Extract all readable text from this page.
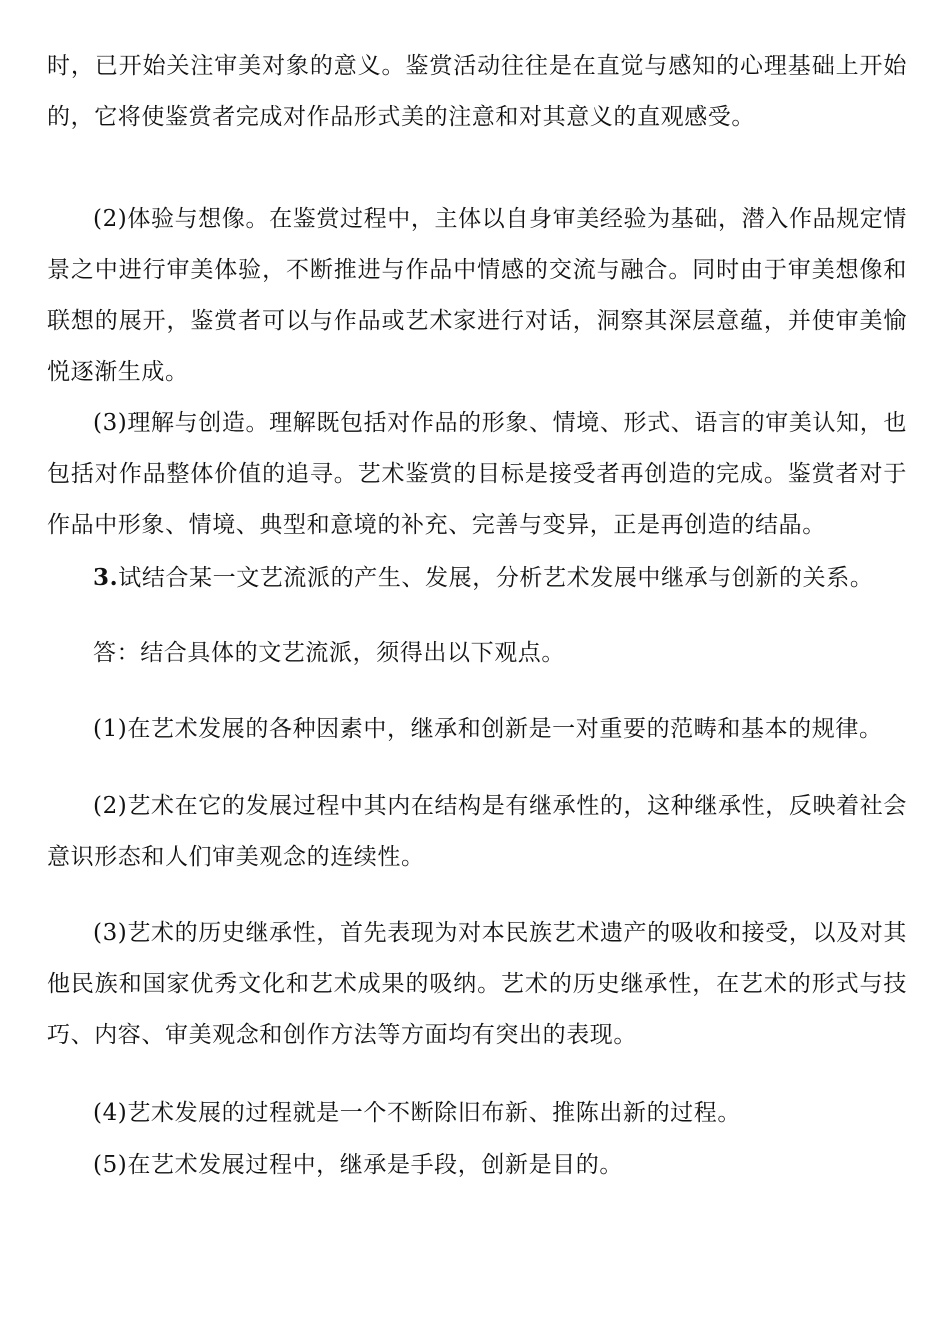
时，已开始关注审美对象的意义。鉴赏活动往往是在直觉与感知的心理基础上开始的，它将使鉴赏者完成对作品形式美的注意和对其意义的直观感受。

(2)体验与想像。在鉴赏过程中，主体以自身审美经验为基础，潜入作品规定情景之中进行审美体验，不断推进与作品中情感的交流与融合。同时由于审美想像和联想的展开，鉴赏者可以与作品或艺术家进行对话，洞察其深层意蕴，并使审美愉悦逐渐生成。

(3)理解与创造。理解既包括对作品的形象、情境、形式、语言的审美认知，也包括对作品整体价值的追寻。艺术鉴赏的目标是接受者再创造的完成。鉴赏者对于作品中形象、情境、典型和意境的补充、完善与变异，正是再创造的结晶。

3.试结合某一文艺流派的产生、发展，分析艺术发展中继承与创新的关系。

答：结合具体的文艺流派，须得出以下观点。

(1)在艺术发展的各种因素中，继承和创新是一对重要的范畴和基本的规律。

(2)艺术在它的发展过程中其内在结构是有继承性的，这种继承性，反映着社会意识形态和人们审美观念的连续性。

(3)艺术的历史继承性，首先表现为对本民族艺术遗产的吸收和接受，以及对其他民族和国家优秀文化和艺术成果的吸纳。艺术的历史继承性，在艺术的形式与技巧、内容、审美观念和创作方法等方面均有突出的表现。

(4)艺术发展的过程就是一个不断除旧布新、推陈出新的过程。

(5)在艺术发展过程中，继承是手段，创新是目的。
